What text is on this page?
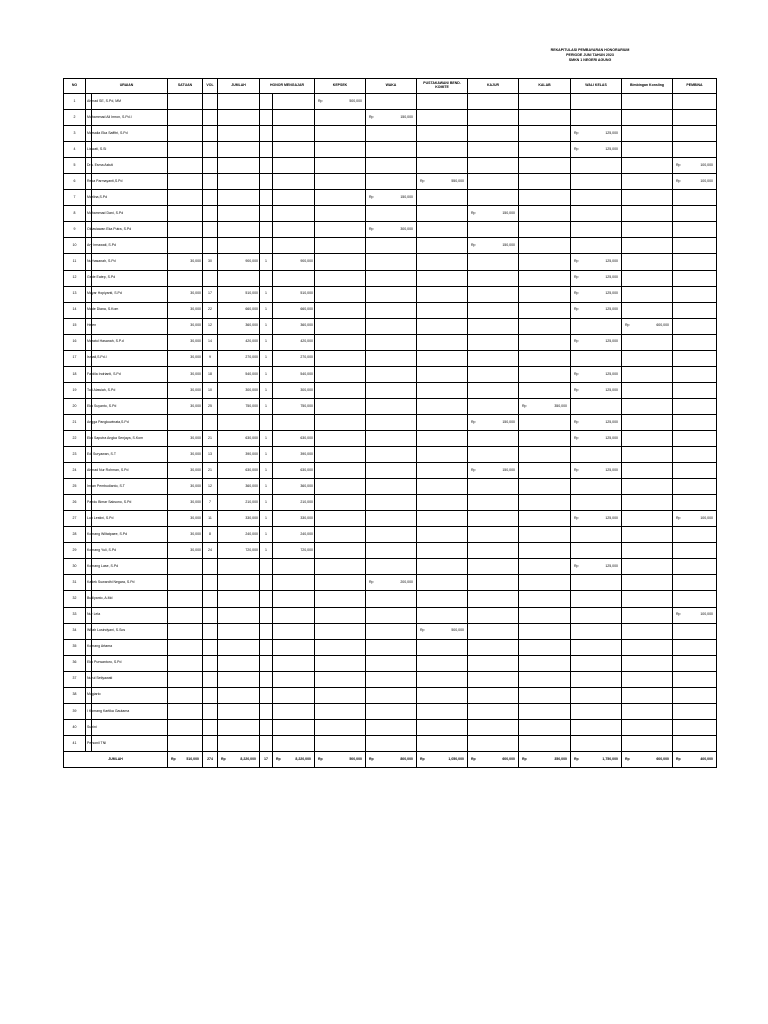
REKAPITULASI PEMBAYARAN HONORARIUM
PERIODE JUNI TAHUN 2023
SMKN 1 NEGERI AGUNG
NO	URAIAN	SATUAN	VOL	JUMLAH	HONOR MENGAJAR		KEPSEK	WAKA	PUSTAKAWAN/ BEND. KOMITE	KAJUR	KALAB	WALI KELAS	Bimbingan Konsling	PEMBINA
1	Ahmad SE, S.Pd, MM						Rp 500,000							

2	Muhammad Ali Imron, S.Pd.I							Rp 150,000						

3	Marsalia Eka Saffitri, S.Pd											Rp 125,000		

4	Liawati, S.Si											Rp 125,000		

5	Dra. Esma Astuti													Rp 100,000

6	Reka Parmayanti,S.Pd								Rp 550,000					Rp 100,000

7	Marlina,S.Pd							Rp 150,000						

8	Muhammad Dani, S.Pd									Rp 150,000				

9	Oktaviawan Eka Putra, S.Pd							Rp 300,000						

10	Ary Irmawati, S.Pd									Rp 150,000				

11	Nurhasanah, S.Pd	30,000	30	900,000	1	900,000						Rp 125,000		

12	Gede Eatep, S.Pd											Rp 125,000		

13	Mayar Hopiyanti, S.Pd	30,000	17	510,000	1	510,000						Rp 125,000		

14	Made Diana, S.Kom	30,000	22	660,000	1	660,000						Rp 125,000		

15	Helen	30,000	12	360,000	1	360,000							Rp 600,000	

16	Maratul Hasanah, S.P.d	30,000	14	420,000	1	420,000						Rp 125,000		

17	Ismail,S.Pd.I	30,000	9	270,000	1	270,000								
18	Fardila Indrianti, S.Pd	30,000	18	540,000	1	540,000						Rp 125,000		

19	Tuti Alawiah, S.Pd	30,000	10	300,000	1	300,000						Rp 125,000		

20	Eko Suyanto, S.Pd	30,000	25	750,000	1	750,000					Rp 350,000			

21	Angga Pangkuwinata,S.Pd									Rp 150,000		Rp 125,000		

22	Eko Saputra Angka Senjaya, S.Kom	30,000	21	630,000	1	630,000						Rp 125,000		

23	Edi Suryawan, S.T	30,000	13	390,000	1	390,000								
24	Ahmad Nur Rohman, S.Pd	30,000	21	630,000	1	630,000				Rp 150,000		Rp 125,000		

25	Imran Pembudianto, S.T	30,000	12	360,000	1	360,000								
26	Pandu Bimar Saksono, S.Pd	30,000	7	210,000	1	210,000								
27	Luh Lestini, S.Pd	30,000	11	330,000	1	330,000						Rp 125,000		Rp 100,000

28	Komang Wiltatpaee, S.Pd	30,000	8	240,000	1	240,000								
29	Komang Yuli, S.Pd	30,000	24	720,000	1	720,000								
30	Komang Lase, S.Pd											Rp 125,000		

31	Kadek Suwardhi Negara, S.Pd							Rp 200,000						

32	Budiyanto, A.Md													
33	Nur Lela													Rp 100,000

34	Wirah Lusindyani, S.Sos								Rp 500,000					

35	Komang Artama													
36	Eko Purwantoro, S.Pd													
37	Nurul Setiyawati													
38	Mugiarto													
39	I Komang Kartika Gautama													
40	Suhini													
41	Personil TNI													
JUMLAH		Rp 510,000	274	Rp 8,220,000	17	Rp 8,220,000	Rp 500,000	Rp 800,000	Rp 1,050,000	Rp 600,000	Rp 350,000	Rp 1,750,000	Rp 600,000	Rp 400,000
